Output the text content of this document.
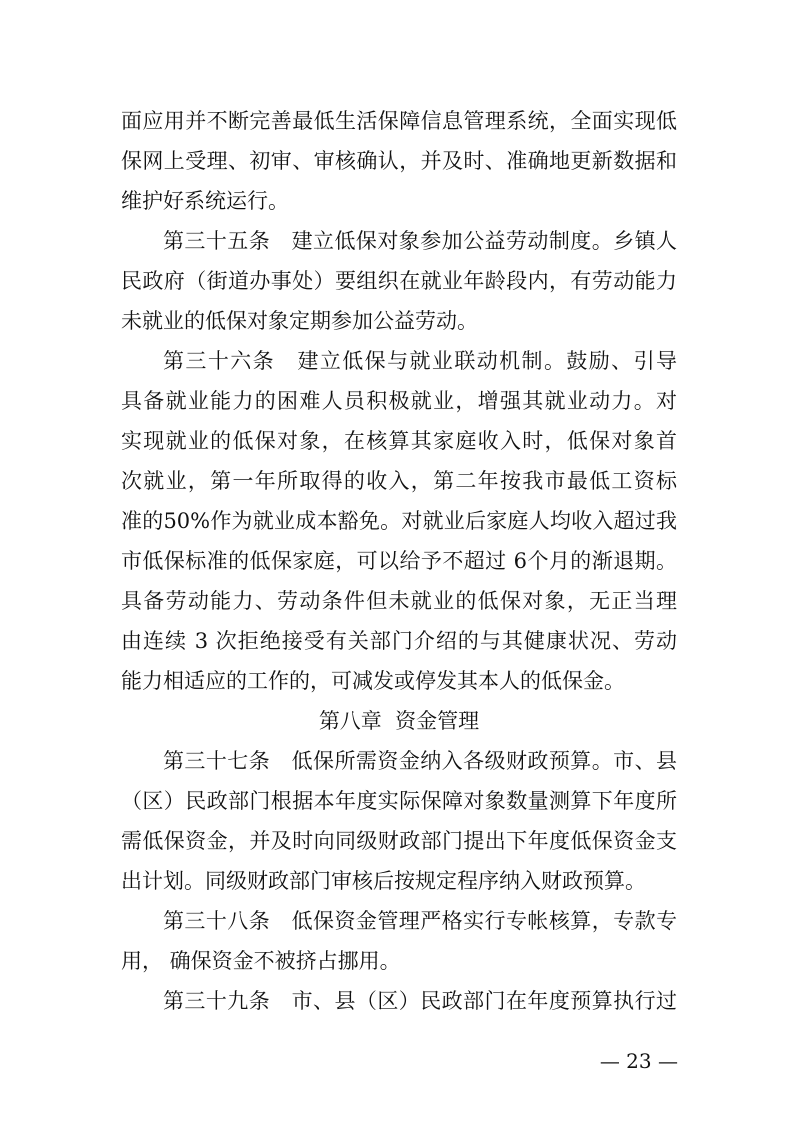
面应用并不断完善最低生活保障信息管理系统，全面实现低
保网上受理、初审、审核确认，并及时、准确地更新数据和
维护好系统运行。
第三十五条　建立低保对象参加公益劳动制度。乡镇人
民政府（街道办事处）要组织在就业年龄段内，有劳动能力
未就业的低保对象定期参加公益劳动。
第三十六条　建立低保与就业联动机制。鼓励、引导
具备就业能力的困难人员积极就业，增强其就业动力。对
实现就业的低保对象，在核算其家庭收入时，低保对象首
次就业，第一年所取得的收入，第二年按我市最低工资标
准的50%作为就业成本豁免。对就业后家庭人均收入超过我
市低保标准的低保家庭，可以给予不超过 6个月的渐退期。
具备劳动能力、劳动条件但未就业的低保对象，无正当理
由连续 3 次拒绝接受有关部门介绍的与其健康状况、劳动
能力相适应的工作的，可减发或停发其本人的低保金。
第八章  资金管理
第三十七条　低保所需资金纳入各级财政预算。市、县
（区）民政部门根据本年度实际保障对象数量测算下年度所
需低保资金，并及时向同级财政部门提出下年度低保资金支
出计划。同级财政部门审核后按规定程序纳入财政预算。
第三十八条　低保资金管理严格实行专帐核算，专款专
用， 确保资金不被挤占挪用。
第三十九条　市、县（区）民政部门在年度预算执行过
— 23 —
